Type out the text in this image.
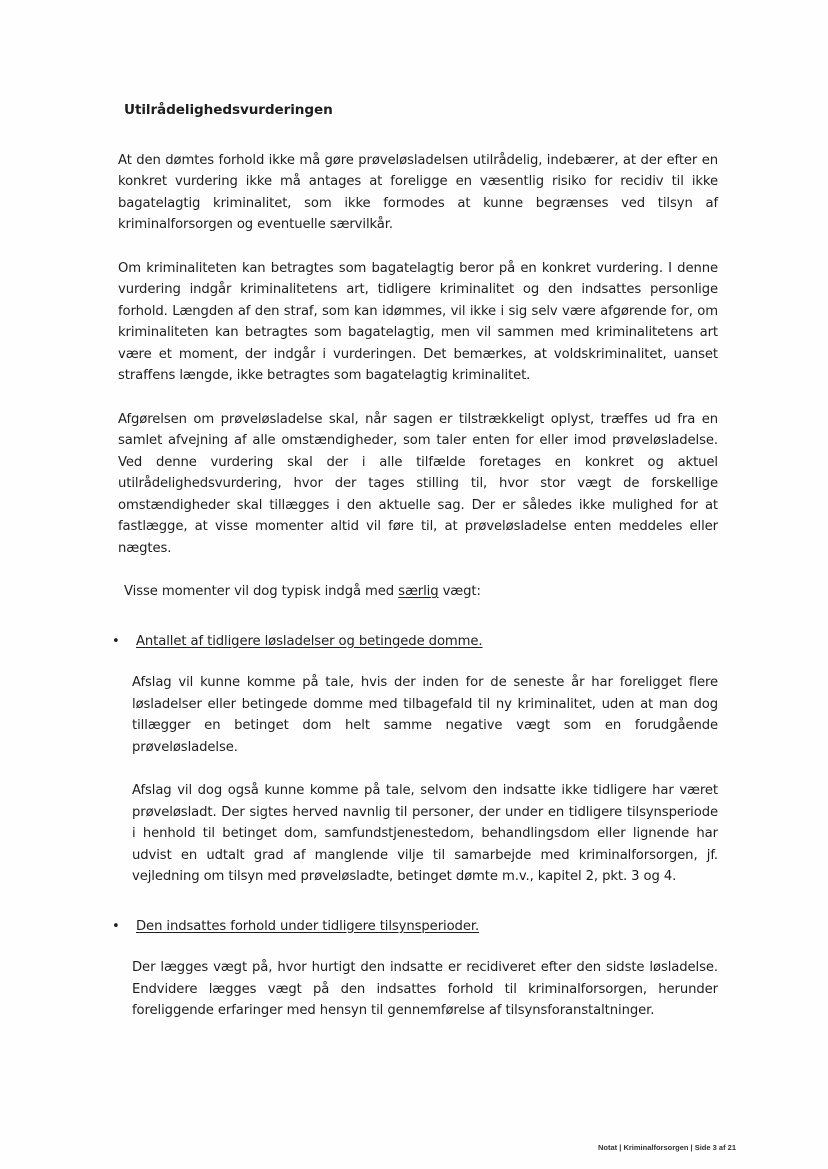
Utilrådelighedsvurderingen

At den dømtes forhold ikke må gøre prøveløsladelsen utilrådelig, indebærer, at der efter en konkret vurdering ikke må antages at foreligge en væsentlig risiko for recidiv til ikke bagatelagtig kriminalitet, som ikke formodes at kunne begrænses ved tilsyn af kriminalforsorgen og eventuelle særvilkår.

Om kriminaliteten kan betragtes som bagatelagtig beror på en konkret vurdering. I denne vurdering indgår kriminalitetens art, tidligere kriminalitet og den indsattes personlige forhold. Længden af den straf, som kan idømmes, vil ikke i sig selv være afgørende for, om kriminaliteten kan betragtes som bagatelagtig, men vil sammen med kriminalitetens art være et moment, der indgår i vurderingen. Det bemærkes, at voldskriminalitet, uanset straffens længde, ikke betragtes som bagatelagtig kriminalitet.

Afgørelsen om prøveløsladelse skal, når sagen er tilstrækkeligt oplyst, træffes ud fra en samlet afvejning af alle omstændigheder, som taler enten for eller imod prøveløsladelse. Ved denne vurdering skal der i alle tilfælde foretages en konkret og aktuel utilrådelighedsvurdering, hvor der tages stilling til, hvor stor vægt de forskellige omstændigheder skal tillægges i den aktuelle sag. Der er således ikke mulighed for at fastlægge, at visse momenter altid vil føre til, at prøveløsladelse enten meddeles eller nægtes.

Visse momenter vil dog typisk indgå med særlig vægt:

• Antallet af tidligere løsladelser og betingede domme.

Afslag vil kunne komme på tale, hvis der inden for de seneste år har foreligget flere løsladelser eller betingede domme med tilbagefald til ny kriminalitet, uden at man dog tillægger en betinget dom helt samme negative vægt som en forudgående prøveløsladelse.

Afslag vil dog også kunne komme på tale, selvom den indsatte ikke tidligere har været prøveløsladt. Der sigtes herved navnlig til personer, der under en tidligere tilsynsperiode i henhold til betinget dom, samfundstjenestedom, behandlingsdom eller lignende har udvist en udtalt grad af manglende vilje til samarbejde med kriminalforsorgen, jf. vejledning om tilsyn med prøveløsladte, betinget dømte m.v., kapitel 2, pkt. 3 og 4.

• Den indsattes forhold under tidligere tilsynsperioder.

Der lægges vægt på, hvor hurtigt den indsatte er recidiveret efter den sidste løsladelse. Endvidere lægges vægt på den indsattes forhold til kriminalforsorgen, herunder foreliggende erfaringer med hensyn til gennemførelse af tilsynsforanstaltninger.

Notat | Kriminalforsorgen | Side 3 af 21
